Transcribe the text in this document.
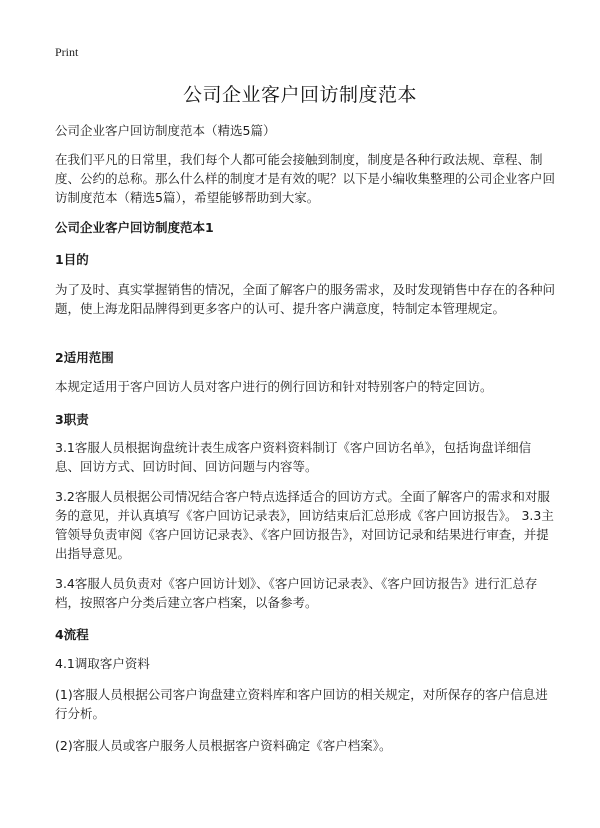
Print
公司企业客户回访制度范本
公司企业客户回访制度范本（精选5篇）

在我们平凡的日常里，我们每个人都可能会接触到制度，制度是各种行政法规、章程、制度、公约的总称。那么什么样的制度才是有效的呢？以下是小编收集整理的公司企业客户回访制度范本（精选5篇），希望能够帮助到大家。

公司企业客户回访制度范本1
1目的

为了及时、真实掌握销售的情况，全面了解客户的服务需求，及时发现销售中存在的各种问题，使上海龙阳品牌得到更多客户的认可、提升客户满意度，特制定本管理规定。

2适用范围

本规定适用于客户回访人员对客户进行的例行回访和针对特别客户的特定回访。

3职责

3.1客服人员根据询盘统计表生成客户资料资料制订《客户回访名单》，包括询盘详细信息、回访方式、回访时间、回访问题与内容等。

3.2客服人员根据公司情况结合客户特点选择适合的回访方式。全面了解客户的需求和对服务的意见，并认真填写《客户回访记录表》，回访结束后汇总形成《客户回访报告》。 3.3主管领导负责审阅《客户回访记录表》、《客户回访报告》，对回访记录和结果进行审查，并提出指导意见。

3.4客服人员负责对《客户回访计划》、《客户回访记录表》、《客户回访报告》进行汇总存档，按照客户分类后建立客户档案，以备参考。

4流程

4.1调取客户资料

(1)客服人员根据公司客户询盘建立资料库和客户回访的相关规定，对所保存的客户信息进行分析。

(2)客服人员或客户服务人员根据客户资料确定《客户档案》。
